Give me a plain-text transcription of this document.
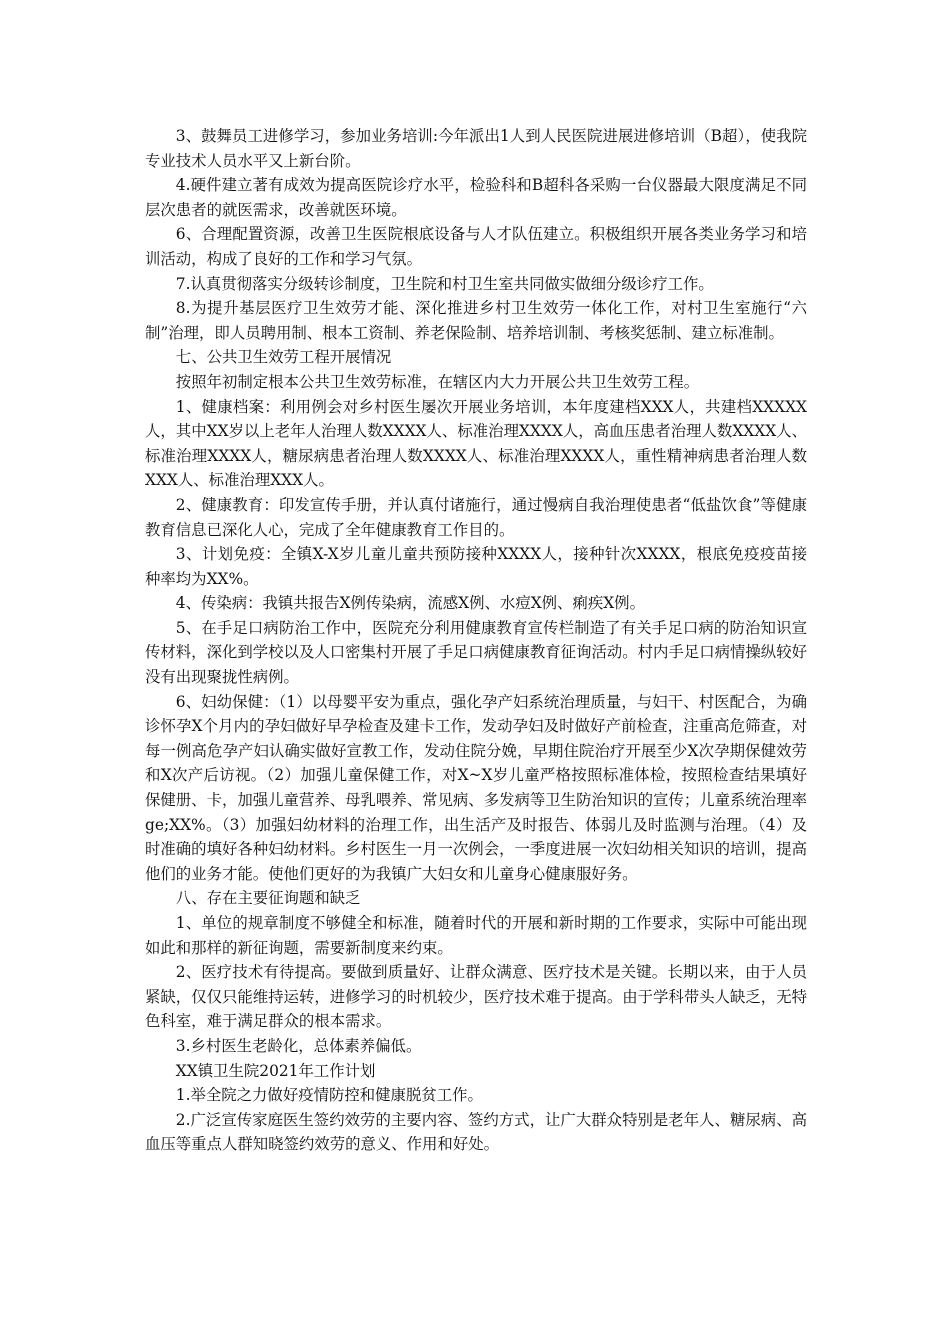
3、鼓舞员工进修学习，参加业务培训:今年派出1人到人民医院进展进修培训（B超），使我院专业技术人员水平又上新台阶。

4.硬件建立著有成效为提高医院诊疗水平，检验科和B超科各采购一台仪器最大限度满足不同层次患者的就医需求，改善就医环境。

6、合理配置资源，改善卫生医院根底设备与人才队伍建立。积极组织开展各类业务学习和培训活动，构成了良好的工作和学习气氛。

7.认真贯彻落实分级转诊制度，卫生院和村卫生室共同做实做细分级诊疗工作。

8.为提升基层医疗卫生效劳才能、深化推进乡村卫生效劳一体化工作，对村卫生室施行“六制”治理，即人员聘用制、根本工资制、养老保险制、培养培训制、考核奖惩制、建立标准制。

七、公共卫生效劳工程开展情况

按照年初制定根本公共卫生效劳标准，在辖区内大力开展公共卫生效劳工程。

1、健康档案：利用例会对乡村医生屡次开展业务培训，本年度建档XXX人，共建档XXXXX人，其中XX岁以上老年人治理人数XXXX人、标准治理XXXX人，高血压患者治理人数XXXX人、标准治理XXXX人，糖尿病患者治理人数XXXX人、标准治理XXXX人，重性精神病患者治理人数XXX人、标准治理XXX人。

2、健康教育：印发宣传手册，并认真付诸施行，通过慢病自我治理使患者“低盐饮食”等健康教育信息已深化人心，完成了全年健康教育工作目的。

3、计划免疫：全镇X-X岁儿童儿童共预防接种XXXX人，接种针次XXXX，根底免疫疫苗接种率均为XX%。

4、传染病：我镇共报告X例传染病，流感X例、水痘X例、痢疾X例。

5、在手足口病防治工作中，医院充分利用健康教育宣传栏制造了有关手足口病的防治知识宣传材料，深化到学校以及人口密集村开展了手足口病健康教育征询活动。村内手足口病情操纵较好没有出现聚拢性病例。

6、妇幼保健：（1）以母婴平安为重点，强化孕产妇系统治理质量，与妇干、村医配合，为确诊怀孕X个月内的孕妇做好早孕检查及建卡工作，发动孕妇及时做好产前检查，注重高危筛查，对每一例高危孕产妇认确实做好宣教工作，发动住院分娩，早期住院治疗开展至少X次孕期保健效劳和X次产后访视。（2）加强儿童保健工作，对X~X岁儿童严格按照标准体检，按照检查结果填好保健册、卡，加强儿童营养、母乳喂养、常见病、多发病等卫生防治知识的宣传；儿童系统治理率ge;XX%。（3）加强妇幼材料的治理工作，出生活产及时报告、体弱儿及时监测与治理。（4）及时准确的填好各种妇幼材料。乡村医生一月一次例会，一季度进展一次妇幼相关知识的培训，提高他们的业务才能。使他们更好的为我镇广大妇女和儿童身心健康服好务。

八、存在主要征询题和缺乏

1、单位的规章制度不够健全和标准，随着时代的开展和新时期的工作要求，实际中可能出现如此和那样的新征询题，需要新制度来约束。

2、医疗技术有待提高。要做到质量好、让群众满意、医疗技术是关键。长期以来，由于人员紧缺，仅仅只能维持运转，进修学习的时机较少，医疗技术难于提高。由于学科带头人缺乏，无特色科室，难于满足群众的根本需求。

3.乡村医生老龄化，总体素养偏低。

XX镇卫生院2021年工作计划

1.举全院之力做好疫情防控和健康脱贫工作。

2.广泛宣传家庭医生签约效劳的主要内容、签约方式，让广大群众特别是老年人、糖尿病、高血压等重点人群知晓签约效劳的意义、作用和好处。
